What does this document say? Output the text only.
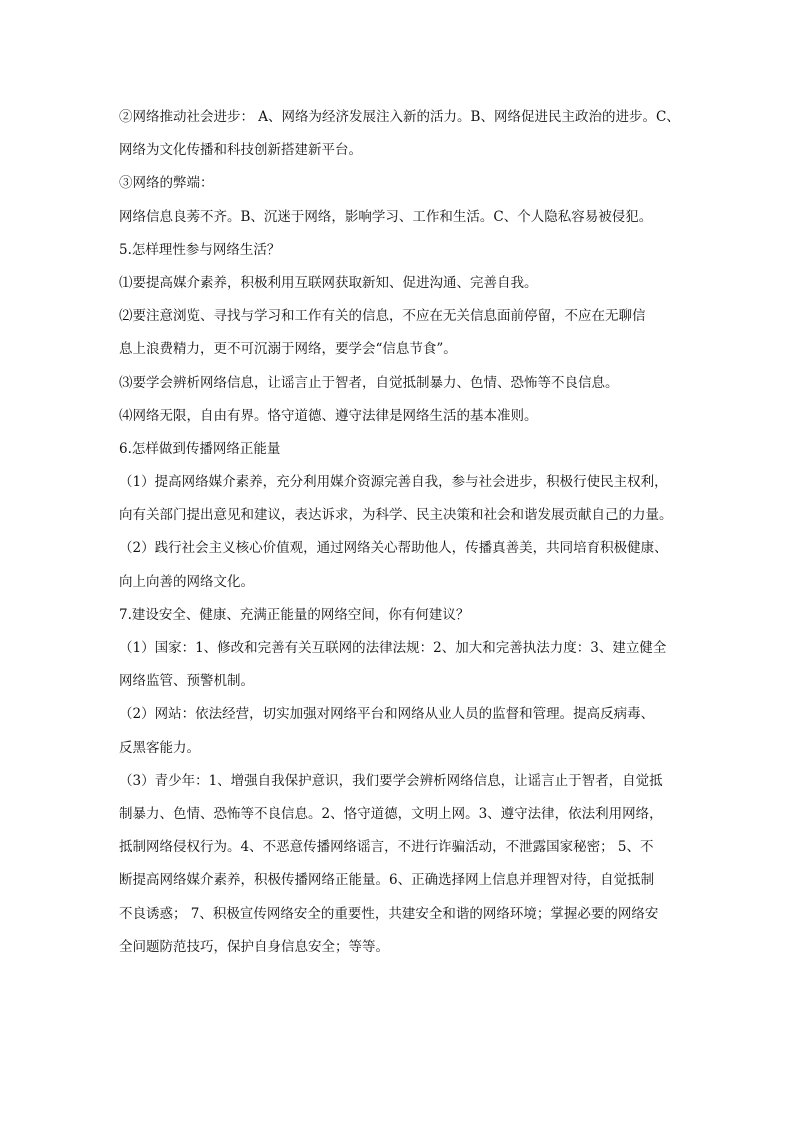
②网络推动社会进步： A、网络为经济发展注入新的活力。B、网络促进民主政治的进步。C、
网络为文化传播和科技创新搭建新平台。
③网络的弊端：
网络信息良莠不齐。B、沉迷于网络，影响学习、工作和生活。C、个人隐私容易被侵犯。
5.怎样理性参与网络生活？
⑴要提高媒介素养，积极利用互联网获取新知、促进沟通、完善自我。
⑵要注意浏览、寻找与学习和工作有关的信息，不应在无关信息面前停留，不应在无聊信
息上浪费精力，更不可沉溺于网络，要学会“信息节食”。
⑶要学会辨析网络信息，让谣言止于智者，自觉抵制暴力、色情、恐怖等不良信息。
⑷网络无限，自由有界。恪守道德、遵守法律是网络生活的基本准则。
6.怎样做到传播网络正能量
（1）提高网络媒介素养，充分利用媒介资源完善自我，参与社会进步，积极行使民主权利，
向有关部门提出意见和建议，表达诉求，为科学、民主决策和社会和谐发展贡献自己的力量。
（2）践行社会主义核心价值观，通过网络关心帮助他人，传播真善美，共同培育积极健康、
向上向善的网络文化。
7.建设安全、健康、充满正能量的网络空间，你有何建议？
（1）国家：1、修改和完善有关互联网的法律法规：2、加大和完善执法力度：3、建立健全
网络监管、预警机制。
（2）网站：依法经营，切实加强对网络平台和网络从业人员的监督和管理。提高反病毒、
反黑客能力。
（3）青少年：1、增强自我保护意识，我们要学会辨析网络信息，让谣言止于智者，自觉抵
制暴力、色情、恐怖等不良信息。2、恪守道德，文明上网。3、遵守法律，依法利用网络，
抵制网络侵权行为。4、不恶意传播网络谣言，不进行诈骗活动，不泄露国家秘密； 5、不
断提高网络媒介素养，积极传播网络正能量。6、正确选择网上信息并理智对待，自觉抵制
不良诱惑； 7、积极宣传网络安全的重要性，共建安全和谐的网络环境；掌握必要的网络安
全问题防范技巧，保护自身信息安全；等等。
